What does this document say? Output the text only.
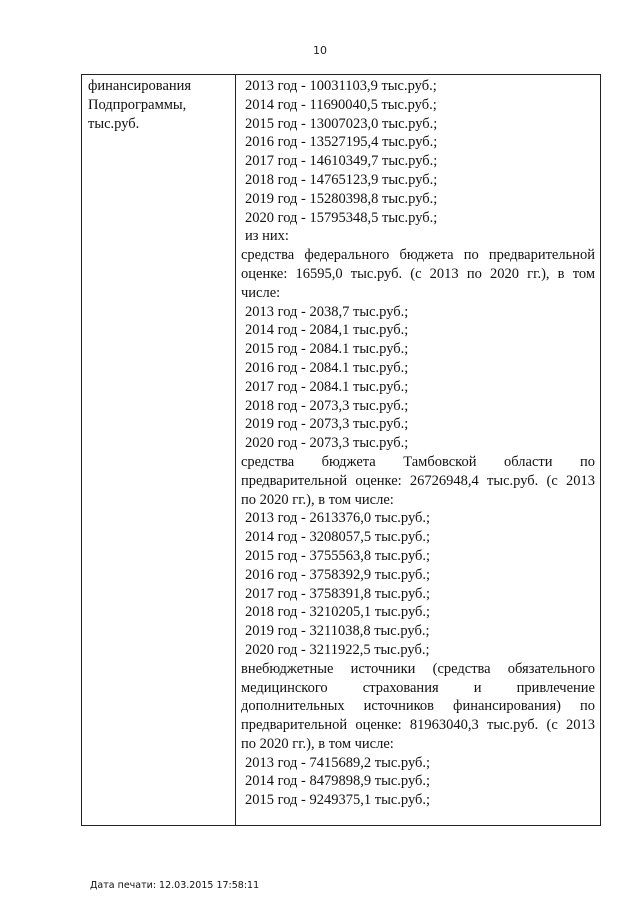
10
финансирования
Подпрограммы,
тыс.руб.
2013 год - 10031103,9 тыс.руб.;
2014 год - 11690040,5 тыс.руб.;
2015 год - 13007023,0 тыс.руб.;
2016 год - 13527195,4 тыс.руб.;
2017 год - 14610349,7 тыс.руб.;
2018 год - 14765123,9 тыс.руб.;
2019 год - 15280398,8 тыс.руб.;
2020 год - 15795348,5 тыс.руб.;
из них:
средства федерального бюджета по предварительной
оценке: 16595,0 тыс.руб. (с 2013 по 2020 гг.), в том
числе:
2013 год - 2038,7 тыс.руб.;
2014 год - 2084,1 тыс.руб.;
2015 год - 2084.1 тыс.руб.;
2016 год - 2084.1 тыс.руб.;
2017 год - 2084.1 тыс.руб.;
2018 год - 2073,3 тыс.руб.;
2019 год - 2073,3 тыс.руб.;
2020 год - 2073,3 тыс.руб.;
средства бюджета Тамбовской области по
предварительной оценке: 26726948,4 тыс.руб. (с 2013
по 2020 гг.), в том числе:
2013 год - 2613376,0 тыс.руб.;
2014 год - 3208057,5 тыс.руб.;
2015 год - 3755563,8 тыс.руб.;
2016 год - 3758392,9 тыс.руб.;
2017 год - 3758391,8 тыс.руб.;
2018 год - 3210205,1 тыс.руб.;
2019 год - 3211038,8 тыс.руб.;
2020 год - 3211922,5 тыс.руб.;
внебюджетные источники (средства обязательного
медицинского страхования и привлечение
дополнительных источников финансирования) по
предварительной оценке: 81963040,3 тыс.руб. (с 2013
по 2020 гг.), в том числе:
2013 год - 7415689,2 тыс.руб.;
2014 год - 8479898,9 тыс.руб.;
2015 год - 9249375,1 тыс.руб.;
Дата печати: 12.03.2015 17:58:11
